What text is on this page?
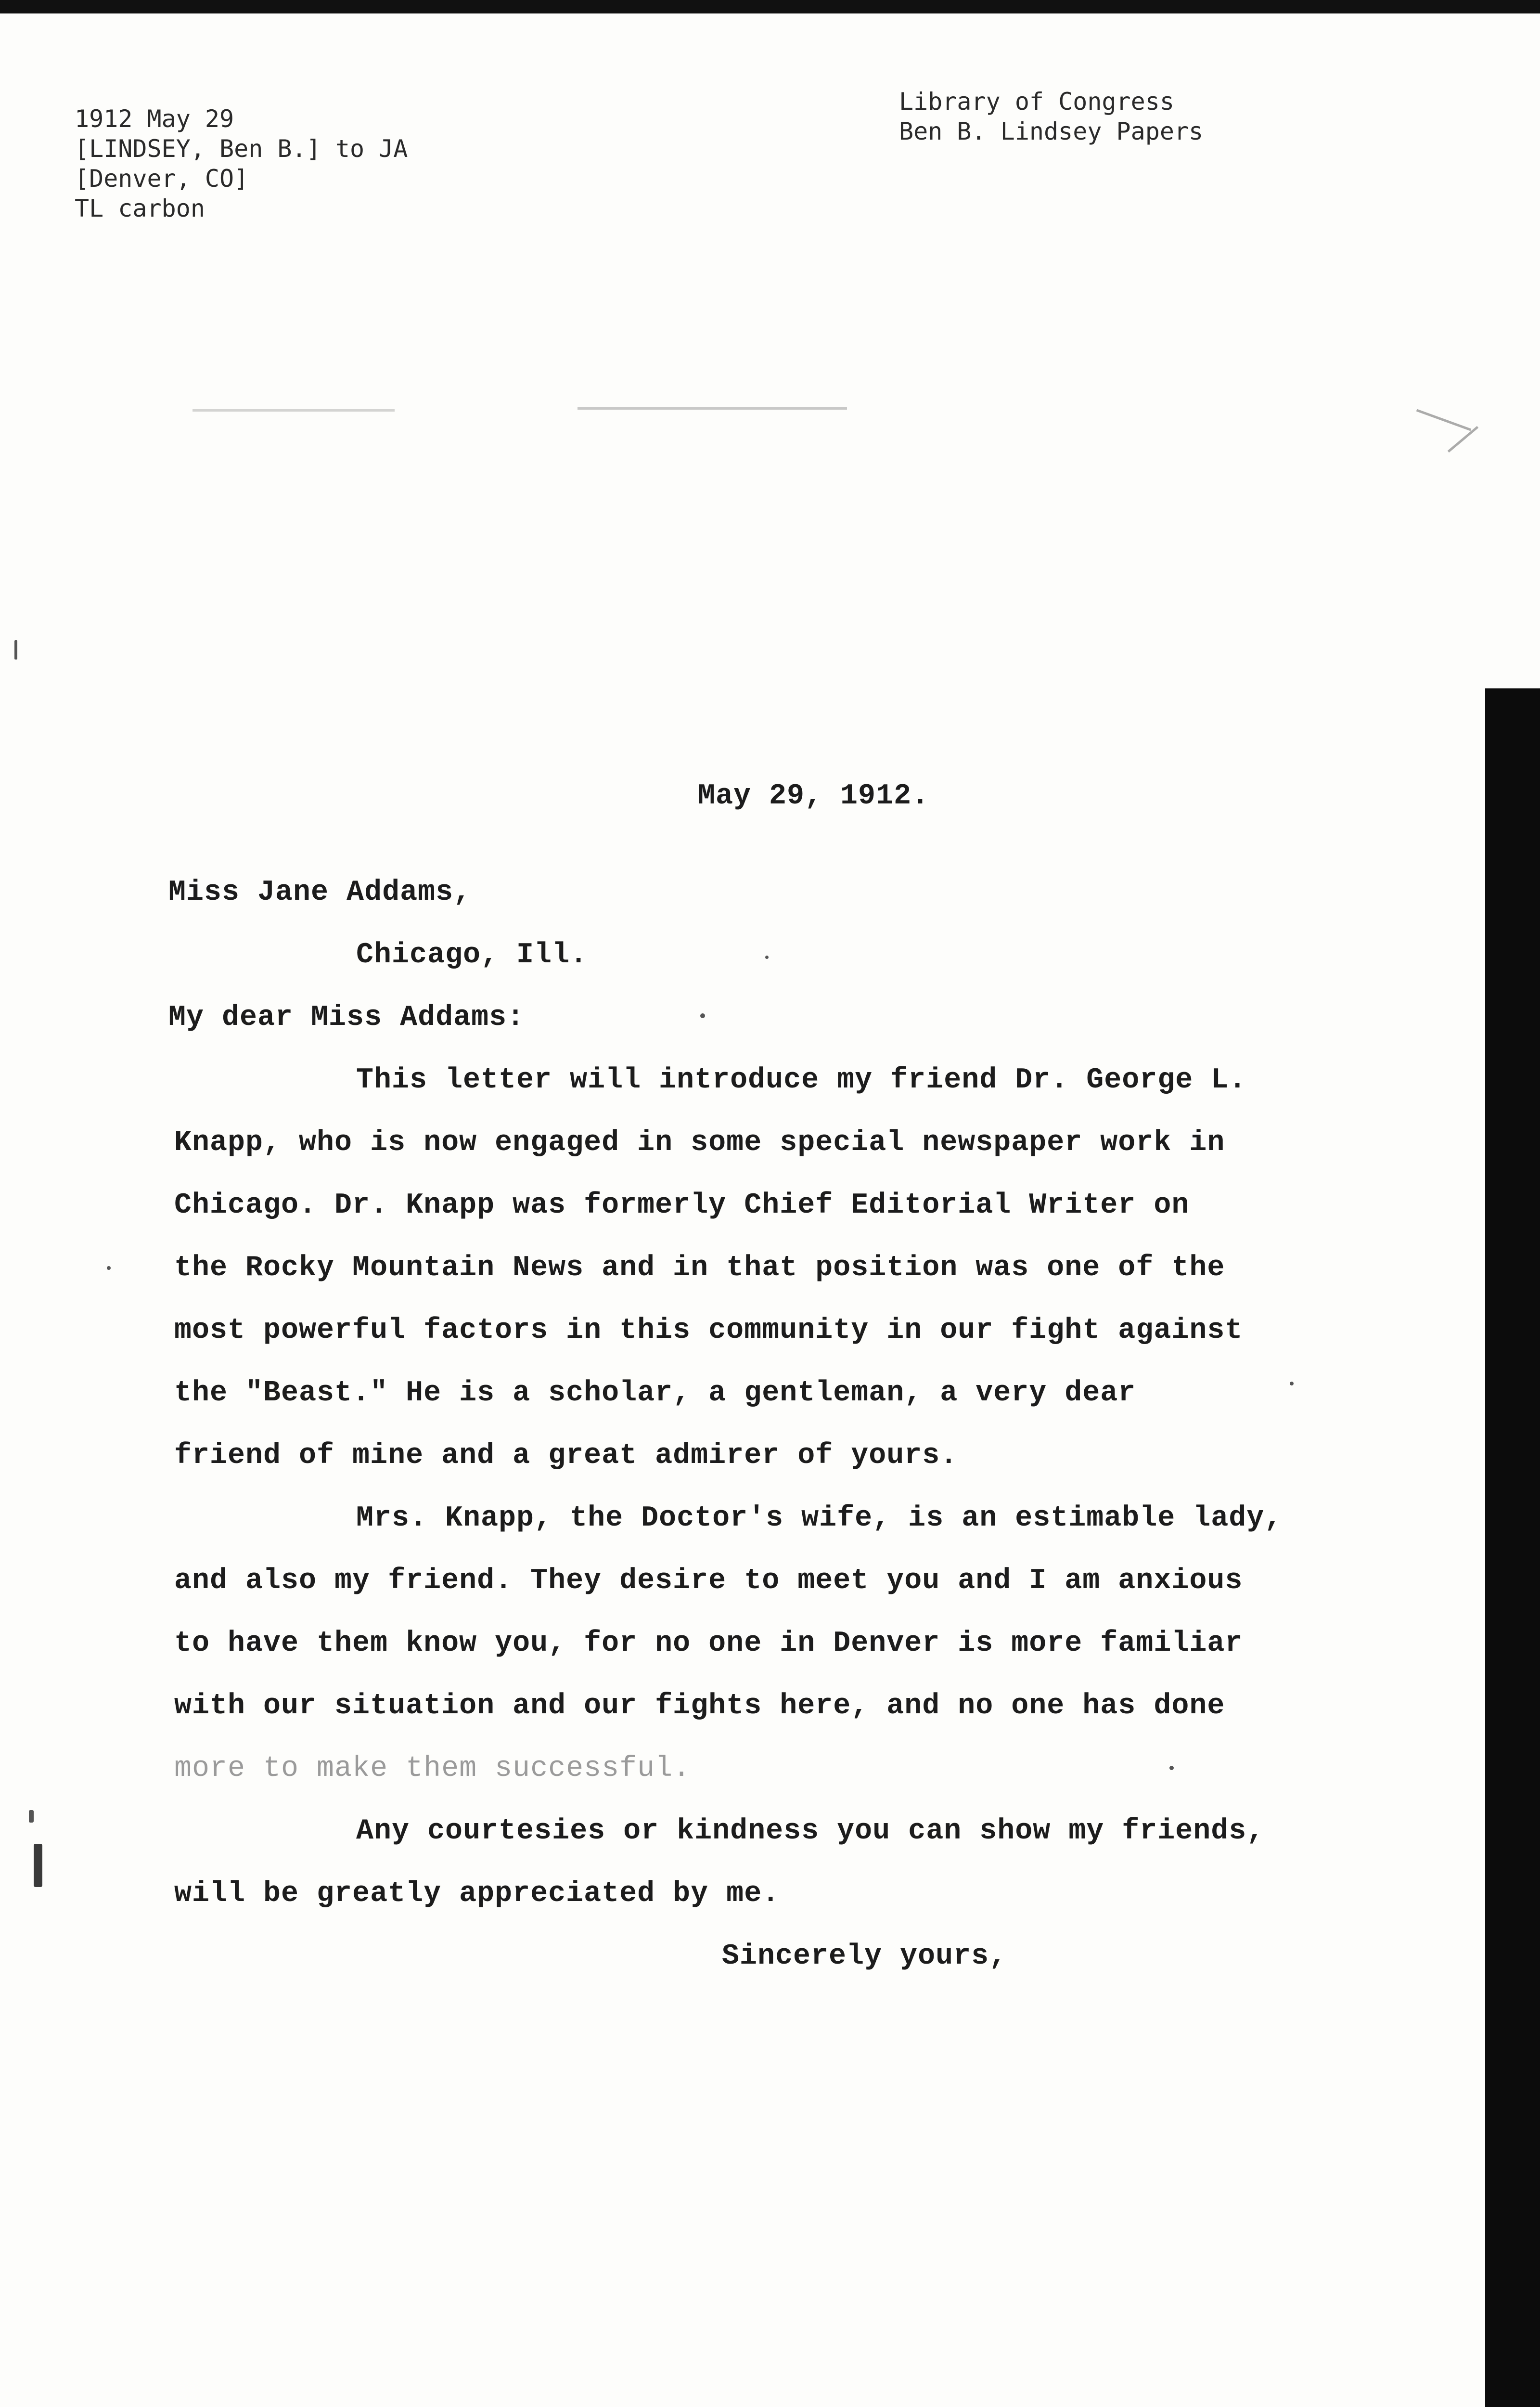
1912 May 29
[LINDSEY, Ben B.] to JA
[Denver, CO]
TL carbon
Library of Congress
Ben B. Lindsey Papers
May 29, 1912.
Miss Jane Addams,
Chicago, Ill.
My dear Miss Addams:
This letter will introduce my friend Dr. George L.
Knapp, who is now engaged in some special newspaper work in
Chicago. Dr. Knapp was formerly Chief Editorial Writer on
the Rocky Mountain News and in that position was one of the
most powerful factors in this community in our fight against
the "Beast." He is a scholar, a gentleman, a very dear
friend of mine and a great admirer of yours.
Mrs. Knapp, the Doctor's wife, is an estimable lady,
and also my friend. They desire to meet you and I am anxious
to have them know you, for no one in Denver is more familiar
with our situation and our fights here, and no one has done
more to make them successful.
Any courtesies or kindness you can show my friends,
will be greatly appreciated by me.
Sincerely yours,
